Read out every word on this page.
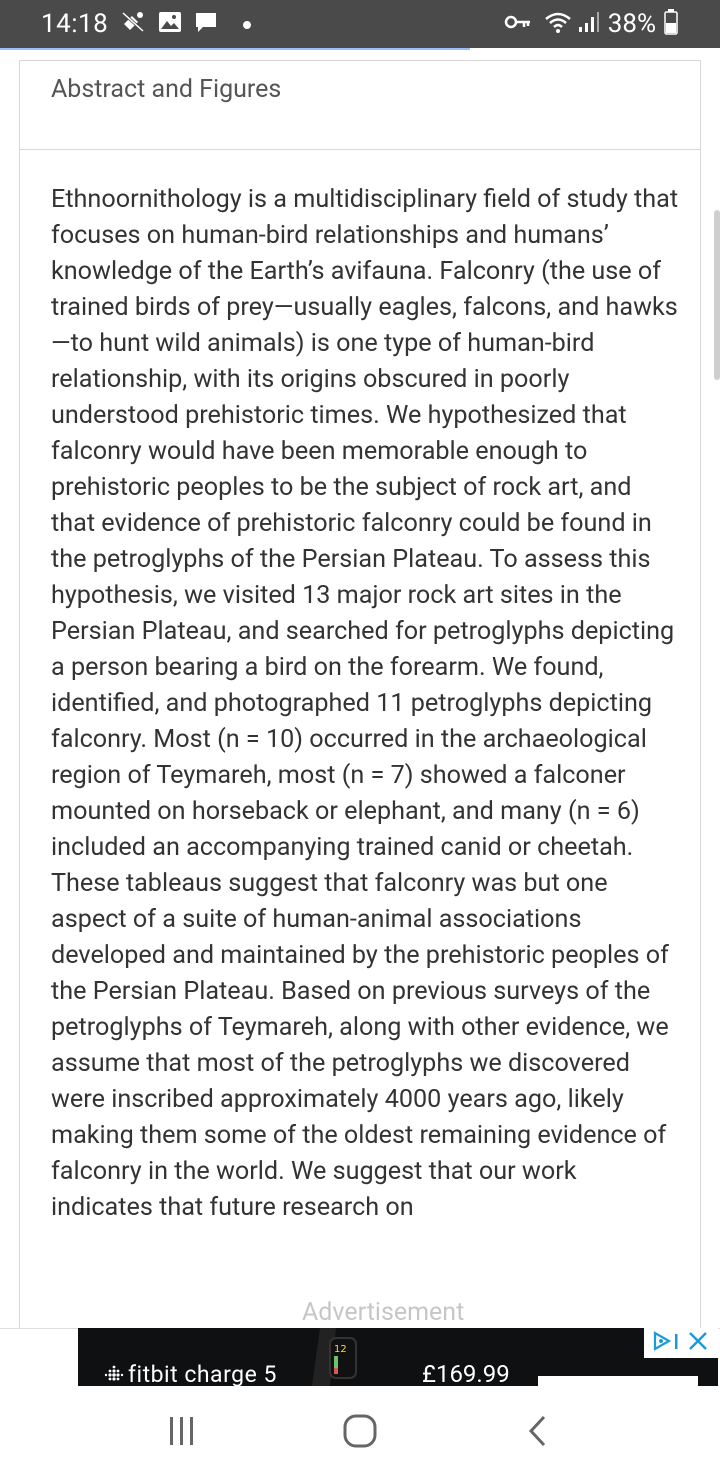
14:18	38%
Abstract and Figures

Ethnoornithology is a multidisciplinary field of study that focuses on human-bird relationships and humans’ knowledge of the Earth’s avifauna. Falconry (the use of trained birds of prey—usually eagles, falcons, and hawks—to hunt wild animals) is one type of human-bird relationship, with its origins obscured in poorly understood prehistoric times. We hypothesized that falconry would have been memorable enough to prehistoric peoples to be the subject of rock art, and that evidence of prehistoric falconry could be found in the petroglyphs of the Persian Plateau. To assess this hypothesis, we visited 13 major rock art sites in the Persian Plateau, and searched for petroglyphs depicting a person bearing a bird on the forearm. We found, identified, and photographed 11 petroglyphs depicting falconry. Most (n = 10) occurred in the archaeological region of Teymareh, most (n = 7) showed a falconer mounted on horseback or elephant, and many (n = 6) included an accompanying trained canid or cheetah. These tableaus suggest that falconry was but one aspect of a suite of human-animal associations developed and maintained by the prehistoric peoples of the Persian Plateau. Based on previous surveys of the petroglyphs of Teymareh, along with other evidence, we assume that most of the petroglyphs we discovered were inscribed approximately 4000 years ago, likely making them some of the oldest remaining evidence of falconry in the world. We suggest that our work indicates that future research on

fitbit charge 5
12
£169.99
Advertisement
